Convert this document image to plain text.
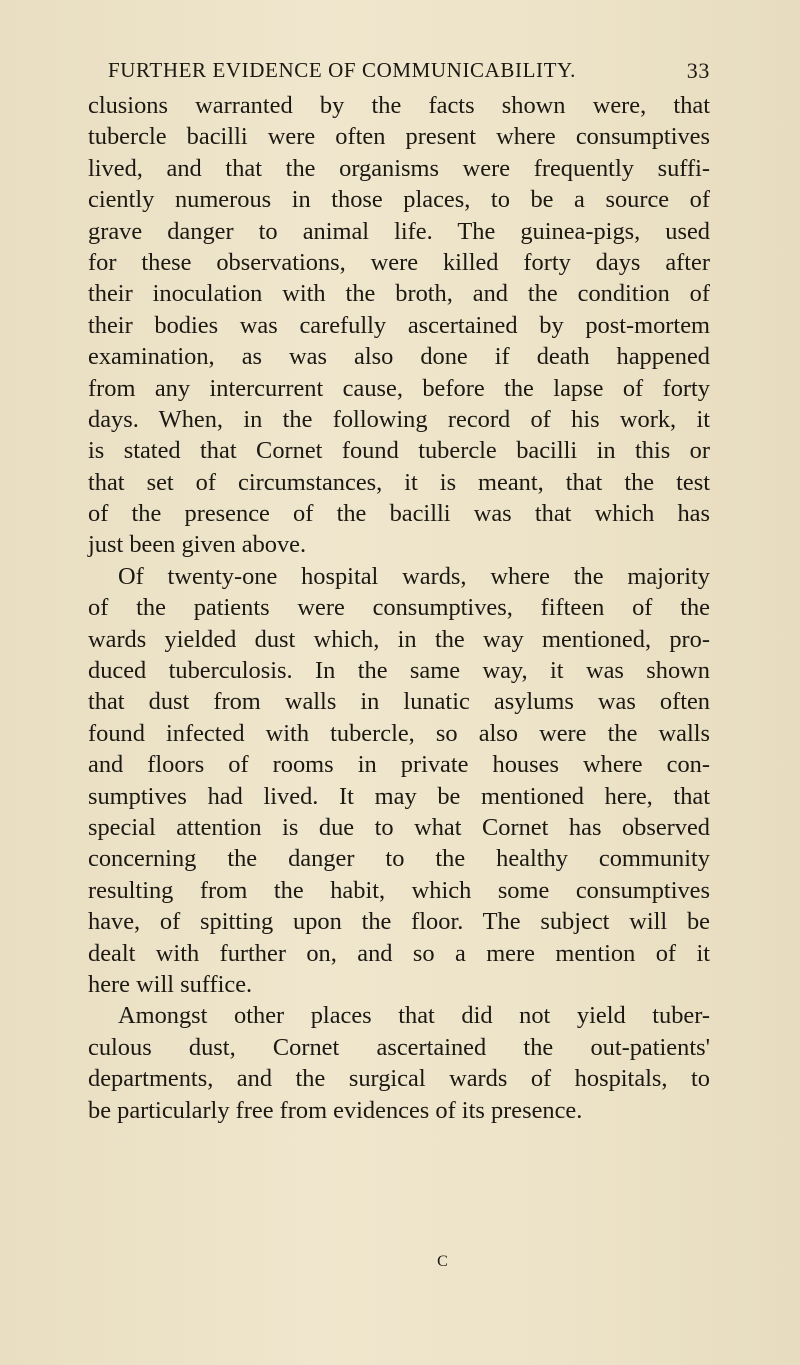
FURTHER EVIDENCE OF COMMUNICABILITY.	33
clusions warranted by the facts shown were, that
tubercle bacilli were often present where consumptives
lived, and that the organisms were frequently suffi-
ciently numerous in those places, to be a source of
grave danger to animal life. The guinea-pigs, used
for these observations, were killed forty days after
their inoculation with the broth, and the condition of
their bodies was carefully ascertained by post-mortem
examination, as was also done if death happened
from any intercurrent cause, before the lapse of forty
days. When, in the following record of his work, it
is stated that Cornet found tubercle bacilli in this or
that set of circumstances, it is meant, that the test
of the presence of the bacilli was that which has
just been given above.
Of twenty-one hospital wards, where the majority
of the patients were consumptives, fifteen of the
wards yielded dust which, in the way mentioned, pro-
duced tuberculosis. In the same way, it was shown
that dust from walls in lunatic asylums was often
found infected with tubercle, so also were the walls
and floors of rooms in private houses where con-
sumptives had lived. It may be mentioned here, that
special attention is due to what Cornet has observed
concerning the danger to the healthy community
resulting from the habit, which some consumptives
have, of spitting upon the floor. The subject will be
dealt with further on, and so a mere mention of it
here will suffice.
Amongst other places that did not yield tuber-
culous dust, Cornet ascertained the out-patients'
departments, and the surgical wards of hospitals, to
be particularly free from evidences of its presence.
C
